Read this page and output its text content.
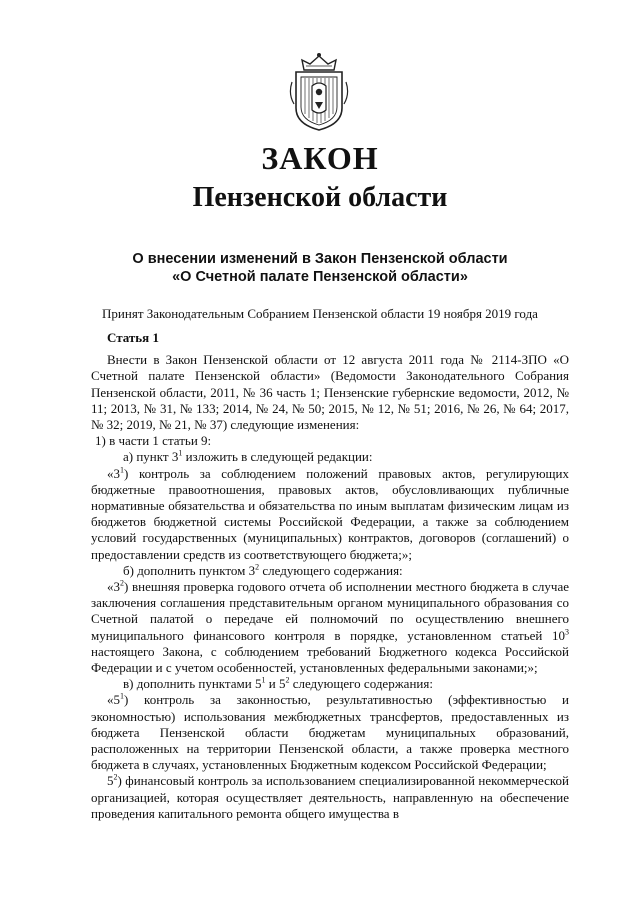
ЗАКОН
Пензенской области
О внесении изменений в Закон Пензенской области
«О Счетной палате Пензенской области»
Принят Законодательным Собранием Пензенской области 19 ноября 2019 года

Статья 1

Внести в Закон Пензенской области от 12 августа 2011 года № 2114-ЗПО «О Счетной палате Пензенской области» (Ведомости Законодательного Собрания Пензенской области, 2011, № 36 часть 1; Пензенские губернские ведомости, 2012, № 11; 2013, № 31, № 133; 2014, № 24, № 50; 2015, № 12, № 51; 2016, № 26, № 64; 2017, № 32; 2019, № 21, № 37) следующие изменения:

1) в части 1 статьи 9:

а) пункт $3^1$ изложить в следующей редакции:

«$3^1$) контроль за соблюдением положений правовых актов, регулирующих бюджетные правоотношения, правовых актов, обусловливающих публичные нормативные обязательства и обязательства по иным выплатам физическим лицам из бюджетов бюджетной системы Российской Федерации, а также за соблюдением условий государственных (муниципальных) контрактов, договоров (соглашений) о предоставлении средств из соответствующего бюджета;»;

б) дополнить пунктом $3^2$ следующего содержания:

«$3^2$) внешняя проверка годового отчета об исполнении местного бюджета в случае заключения соглашения представительным органом муниципального образования со Счетной палатой о передаче ей полномочий по осуществлению внешнего муниципального финансового контроля в порядке, установленном статьей $10^3$ настоящего Закона, с соблюдением требований Бюджетного кодекса Российской Федерации и с учетом особенностей, установленных федеральными законами;»;

в) дополнить пунктами $5^1$ и $5^2$ следующего содержания:

«$5^1$) контроль за законностью, результативностью (эффективностью и экономностью) использования межбюджетных трансфертов, предоставленных из бюджета Пензенской области бюджетам муниципальных образований, расположенных на территории Пензенской области, а также проверка местного бюджета в случаях, установленных Бюджетным кодексом Российской Федерации;

$5^2$) финансовый контроль за использованием специализированной некоммерческой организацией, которая осуществляет деятельность, направленную на обеспечение проведения капитального ремонта общего имущества в
